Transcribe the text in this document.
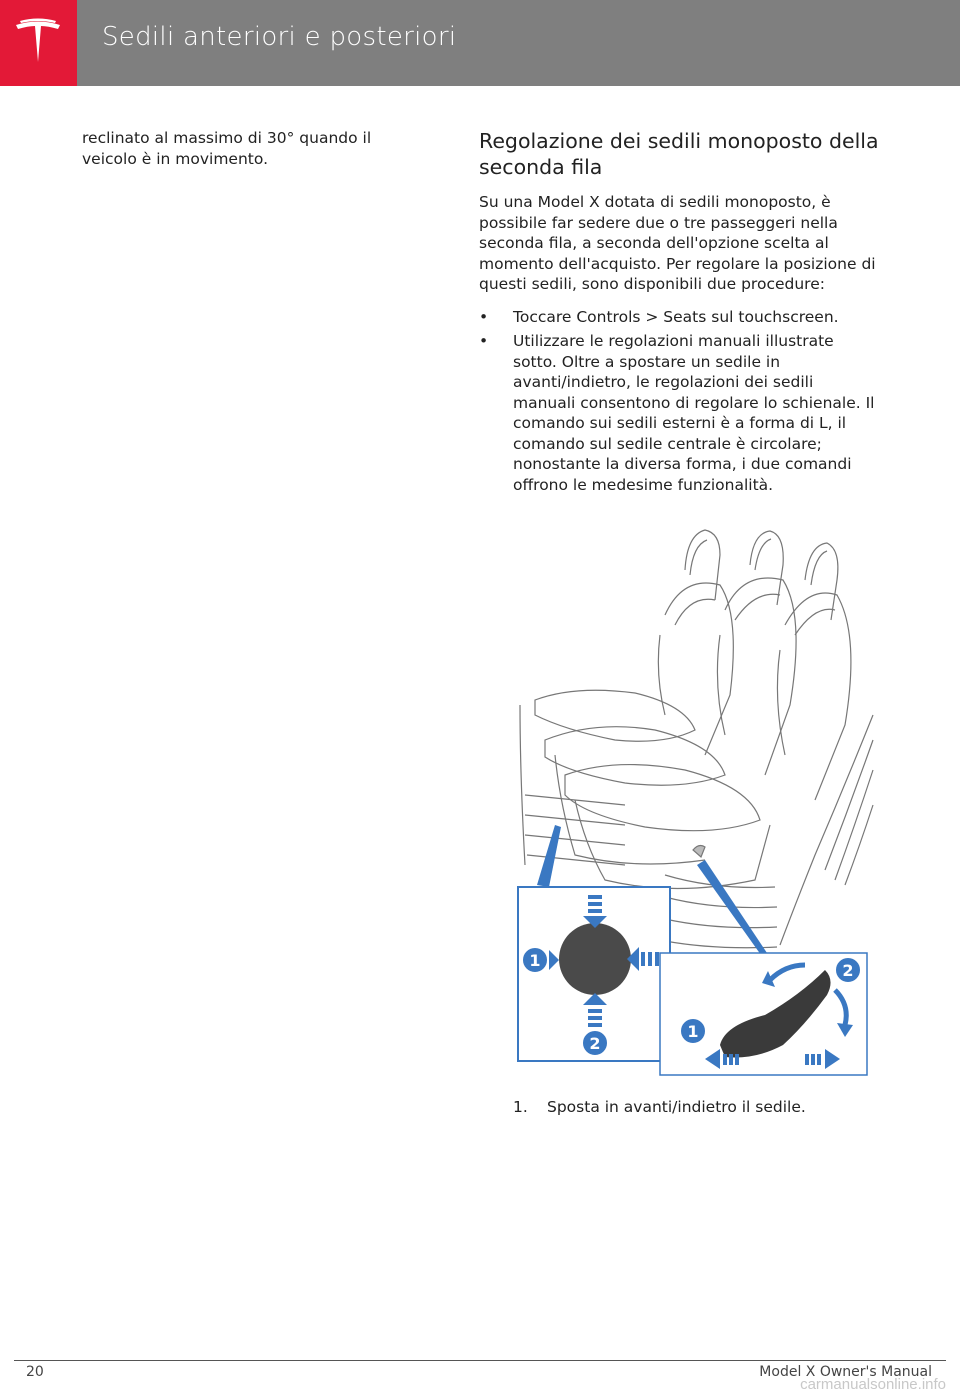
Sedili anteriori e posteriori
reclinato al massimo di 30° quando il veicolo è in movimento.
Regolazione dei sedili monoposto della seconda fila

Su una Model X dotata di sedili monoposto, è possibile far sedere due o tre passeggeri nella seconda fila, a seconda dell'opzione scelta al momento dell'acquisto. Per regolare la posizione di questi sedili, sono disponibili due procedure:

• Toccare Controls > Seats sul touchscreen.
• Utilizzare le regolazioni manuali illustrate sotto. Oltre a spostare un sedile in avanti/indietro, le regolazioni dei sedili manuali consentono di regolare lo schienale. Il comando sui sedili esterni è a forma di L, il comando sul sedile centrale è circolare; nonostante la diversa forma, i due comandi offrono le medesime funzionalità.
1
2
1
2
1. Sposta in avanti/indietro il sedile.
20	Model X Owner's Manual
carmanualsonline.info
